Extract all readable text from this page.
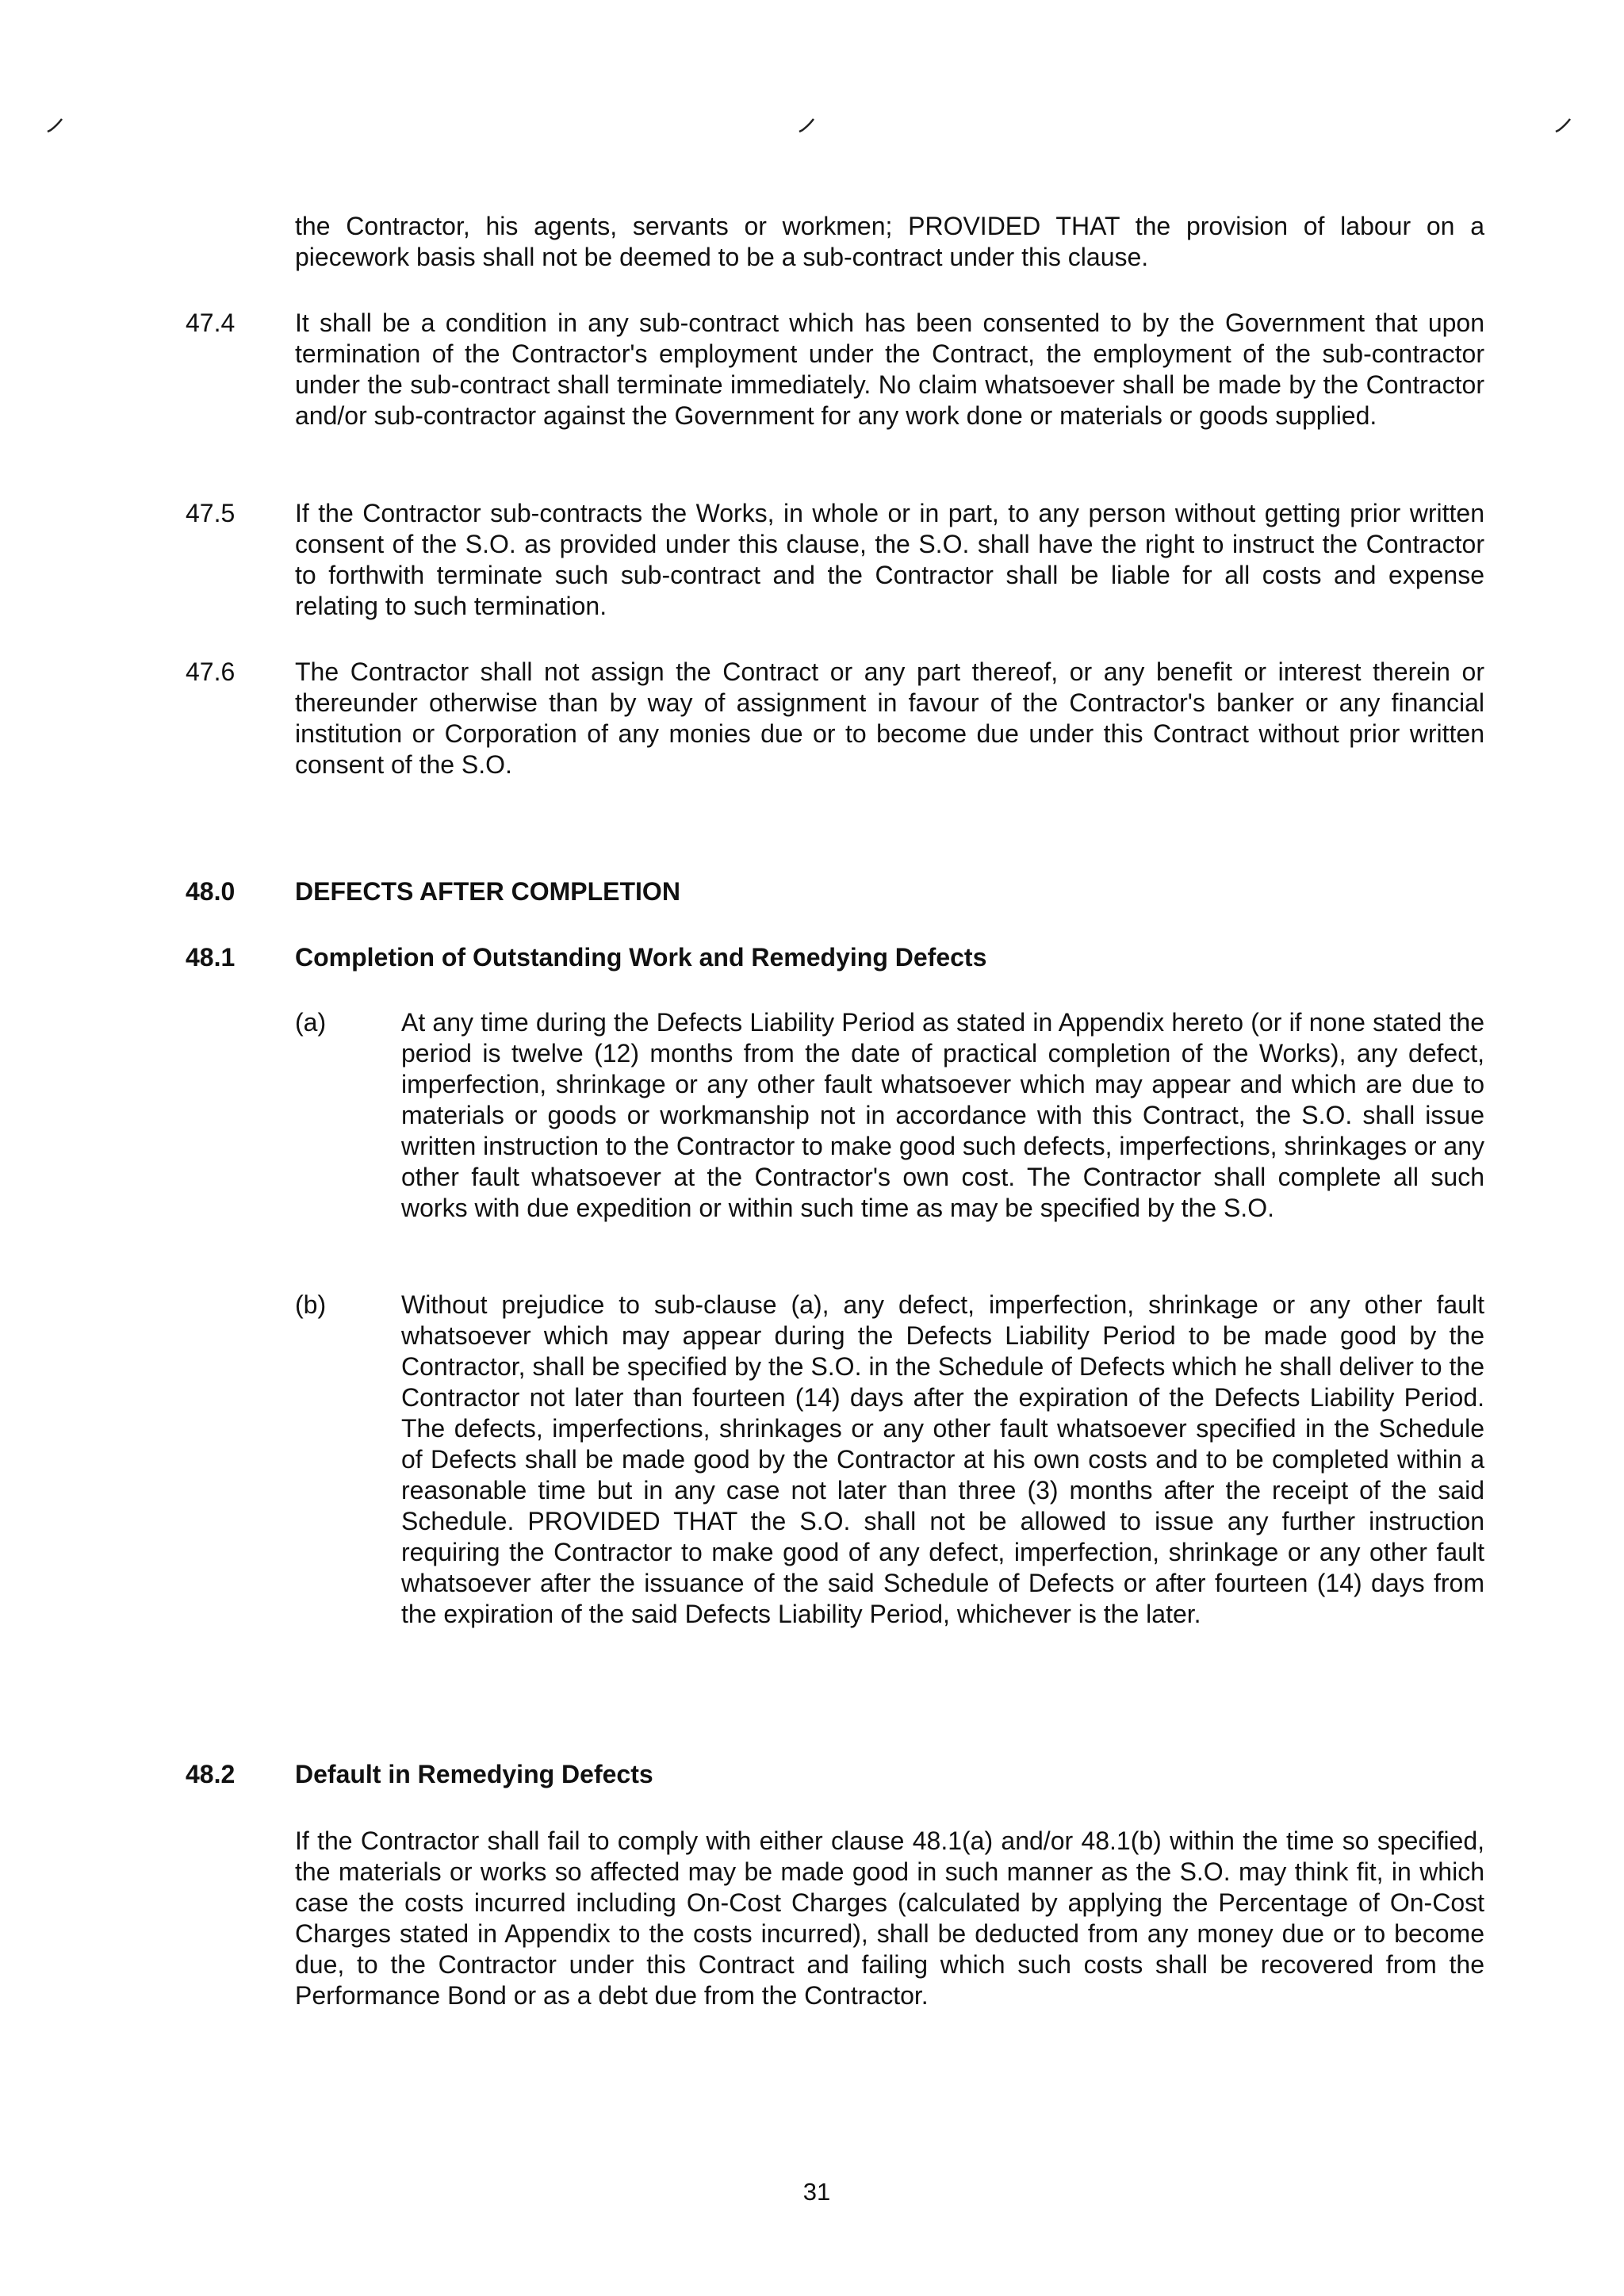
the Contractor, his agents, servants or workmen; PROVIDED THAT the provision of labour on a piecework basis shall not be deemed to be a sub-contract under this clause.
47.4 It shall be a condition in any sub-contract which has been consented to by the Government that upon termination of the Contractor's employment under the Contract, the employment of the sub-contractor under the sub-contract shall terminate immediately. No claim whatsoever shall be made by the Contractor and/or sub-contractor against the Government for any work done or materials or goods supplied.
47.5 If the Contractor sub-contracts the Works, in whole or in part, to any person without getting prior written consent of the S.O. as provided under this clause, the S.O. shall have the right to instruct the Contractor to forthwith terminate such sub-contract and the Contractor shall be liable for all costs and expense relating to such termination.
47.6 The Contractor shall not assign the Contract or any part thereof, or any benefit or interest therein or thereunder otherwise than by way of assignment in favour of the Contractor's banker or any financial institution or Corporation of any monies due or to become due under this Contract without prior written consent of the S.O.
48.0 DEFECTS AFTER COMPLETION
48.1 Completion of Outstanding Work and Remedying Defects
(a)	At any time during the Defects Liability Period as stated in Appendix hereto (or if none stated the period is twelve (12) months from the date of practical completion of the Works), any defect, imperfection, shrinkage or any other fault whatsoever which may appear and which are due to materials or goods or workmanship not in accordance with this Contract, the S.O. shall issue written instruction to the Contractor to make good such defects, imperfections, shrinkages or any other fault whatsoever at the Contractor's own cost. The Contractor shall complete all such works with due expedition or within such time as may be specified by the S.O.
(b)	Without prejudice to sub-clause (a), any defect, imperfection, shrinkage or any other fault whatsoever which may appear during the Defects Liability Period to be made good by the Contractor, shall be specified by the S.O. in the Schedule of Defects which he shall deliver to the Contractor not later than fourteen (14) days after the expiration of the Defects Liability Period. The defects, imperfections, shrinkages or any other fault whatsoever specified in the Schedule of Defects shall be made good by the Contractor at his own costs and to be completed within a reasonable time but in any case not later than three (3) months after the receipt of the said Schedule. PROVIDED THAT the S.O. shall not be allowed to issue any further instruction requiring the Contractor to make good of any defect, imperfection, shrinkage or any other fault whatsoever after the issuance of the said Schedule of Defects or after fourteen (14) days from the expiration of the said Defects Liability Period, whichever is the later.
48.2 Default in Remedying Defects
If the Contractor shall fail to comply with either clause 48.1(a) and/or 48.1(b) within the time so specified, the materials or works so affected may be made good in such manner as the S.O. may think fit, in which case the costs incurred including On-Cost Charges (calculated by applying the Percentage of On-Cost Charges stated in Appendix to the costs incurred), shall be deducted from any money due or to become due, to the Contractor under this Contract and failing which such costs shall be recovered from the Performance Bond or as a debt due from the Contractor.
31
